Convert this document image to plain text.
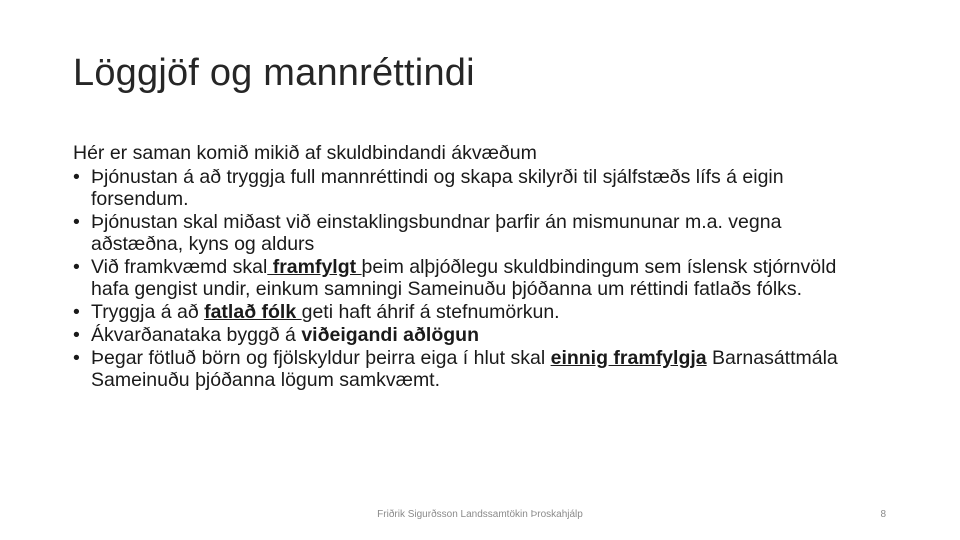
Löggjöf og mannréttindi

Hér er saman komið mikið af skuldbindandi ákvæðum

• Þjónustan á að tryggja full mannréttindi og skapa skilyrði til sjálfstæðs lífs á eigin forsendum.
• Þjónustan skal miðast við einstaklingsbundnar þarfir án mismununar m.a. vegna aðstæðna, kyns og aldurs
• Við framkvæmd skal framfylgt þeim alþjóðlegu skuldbindingum sem íslensk stjórnvöld hafa gengist undir, einkum samningi Sameinuðu þjóðanna um réttindi fatlaðs fólks.
• Tryggja á að fatlað fólk geti haft áhrif á stefnumörkun.
• Ákvarðanataka byggð á viðeigandi aðlögun
• Þegar fötluð börn og fjölskyldur þeirra eiga í hlut skal einnig framfylgja Barnasáttmála Sameinuðu þjóðanna lögum samkvæmt.
Friðrik Sigurðsson Landssamtökin Þroskahjálp	8
